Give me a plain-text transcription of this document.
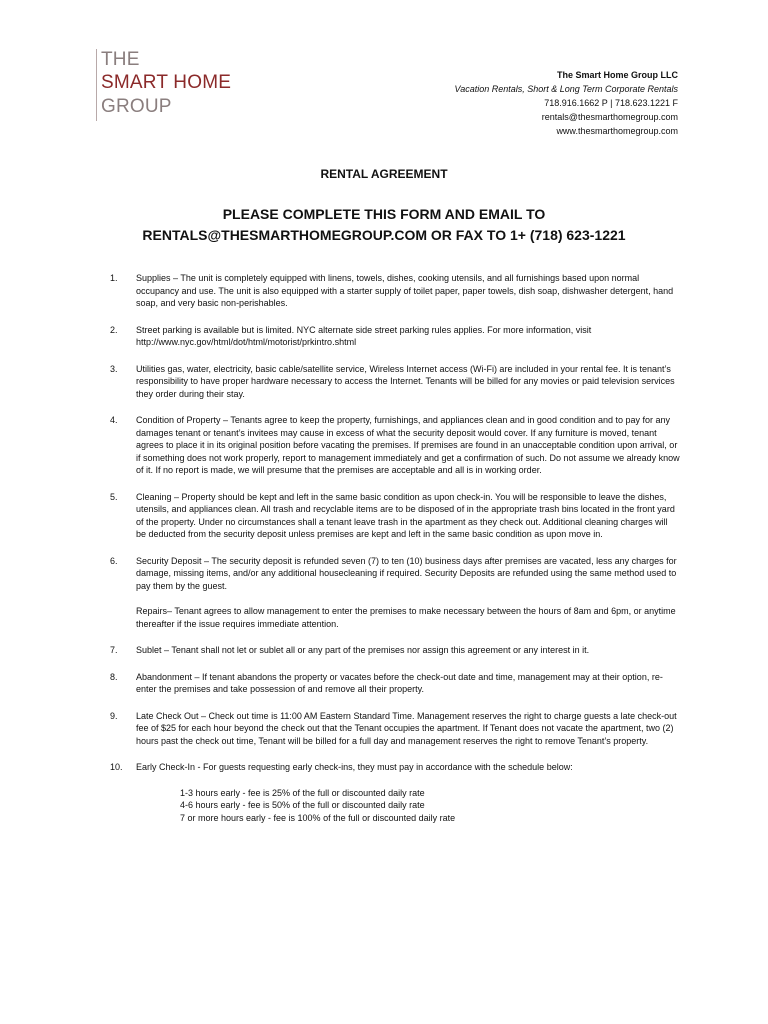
THE
SMART HOME
GROUP
The Smart Home Group LLC
Vacation Rentals, Short & Long Term Corporate Rentals
718.916.1662 P | 718.623.1221 F
rentals@thesmarthomegroup.com
www.thesmarthomegroup.com
RENTAL AGREEMENT
PLEASE COMPLETE THIS FORM AND EMAIL TO
RENTALS@THESMARTHOMEGROUP.COM OR FAX TO 1+ (718) 623-1221
1. Supplies – The unit is completely equipped with linens, towels, dishes, cooking utensils, and all furnishings based upon normal occupancy and use. The unit is also equipped with a starter supply of toilet paper, paper towels, dish soap, dishwasher detergent, hand soap, and very basic non-perishables.
2. Street parking is available but is limited. NYC alternate side street parking rules applies. For more information, visit http://www.nyc.gov/html/dot/html/motorist/prkintro.shtml
3. Utilities gas, water, electricity, basic cable/satellite service, Wireless Internet access (Wi-Fi) are included in your rental fee. It is tenant’s responsibility to have proper hardware necessary to access the Internet. Tenants will be billed for any movies or paid television services they order during their stay.
4. Condition of Property – Tenants agree to keep the property, furnishings, and appliances clean and in good condition and to pay for any damages tenant or tenant’s invitees may cause in excess of what the security deposit would cover. If any furniture is moved, tenant agrees to place it in its original position before vacating the premises. If premises are found in an unacceptable condition upon arrival, or if something does not work properly, report to management immediately and get a confirmation of such. Do not assume we already know of it. If no report is made, we will presume that the premises are acceptable and all is in working order.
5. Cleaning – Property should be kept and left in the same basic condition as upon check-in. You will be responsible to leave the dishes, utensils, and appliances clean. All trash and recyclable items are to be disposed of in the appropriate trash bins located in the front yard of the property. Under no circumstances shall a tenant leave trash in the apartment as they check out. Additional cleaning charges will be deducted from the security deposit unless premises are kept and left in the same basic condition as upon move in.
6. Security Deposit – The security deposit is refunded seven (7) to ten (10) business days after premises are vacated, less any charges for damage, missing items, and/or any additional housecleaning if required. Security Deposits are refunded using the same method used to pay them by the guest.
Repairs– Tenant agrees to allow management to enter the premises to make necessary between the hours of 8am and 6pm, or anytime thereafter if the issue requires immediate attention.
7. Sublet – Tenant shall not let or sublet all or any part of the premises nor assign this agreement or any interest in it.
8. Abandonment – If tenant abandons the property or vacates before the check-out date and time, management may at their option, re-enter the premises and take possession of and remove all their property.
9. Late Check Out – Check out time is 11:00 AM Eastern Standard Time. Management reserves the right to charge guests a late check-out fee of $25 for each hour beyond the check out that the Tenant occupies the apartment. If Tenant does not vacate the apartment, two (2) hours past the check out time, Tenant will be billed for a full day and management reserves the right to remove Tenant’s property.
10. Early Check-In - For guests requesting early check-ins, they must pay in accordance with the schedule below:
1-3 hours early - fee is 25% of the full or discounted daily rate
4-6 hours early - fee is 50% of the full or discounted daily rate
7 or more hours early - fee is 100% of the full or discounted daily rate
